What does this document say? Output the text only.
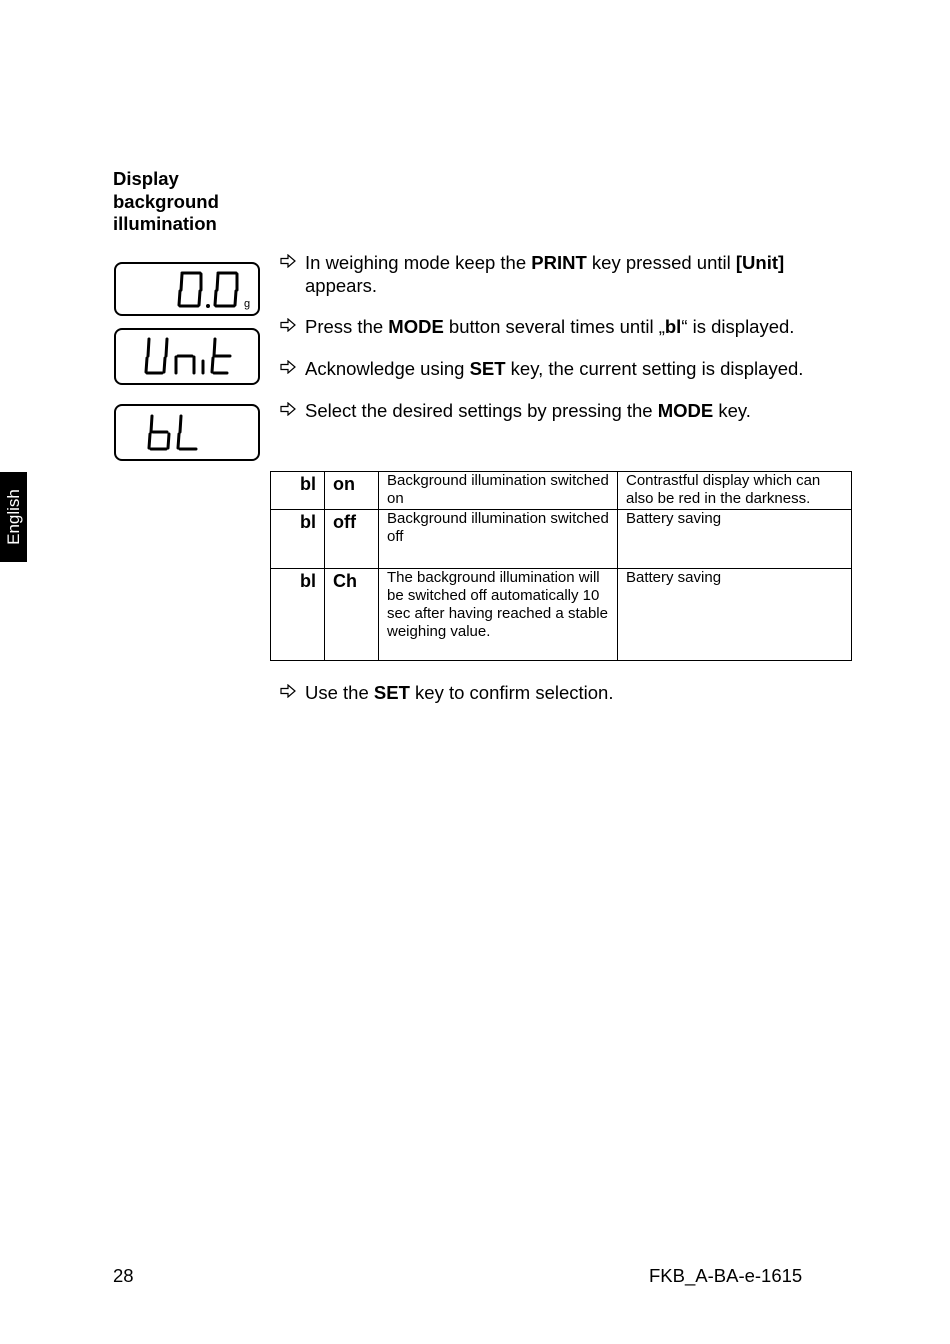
Display background illumination
English
g
In weighing mode keep the PRINT key pressed until [Unit] appears.
Press the MODE button several times until „bl“ is displayed.
Acknowledge using SET key, the current setting is displayed.
Select the desired settings by pressing the MODE key.
bl	on	Background illumination switched on	Contrastful display which can also be red in the darkness.
bl	off	Background illumination switched off	Battery saving
bl	Ch	The background illumination will be switched off automatically 10 sec after having reached a stable weighing value.	Battery saving
Use the SET key to confirm selection.
28	FKB_A-BA-e-1615
